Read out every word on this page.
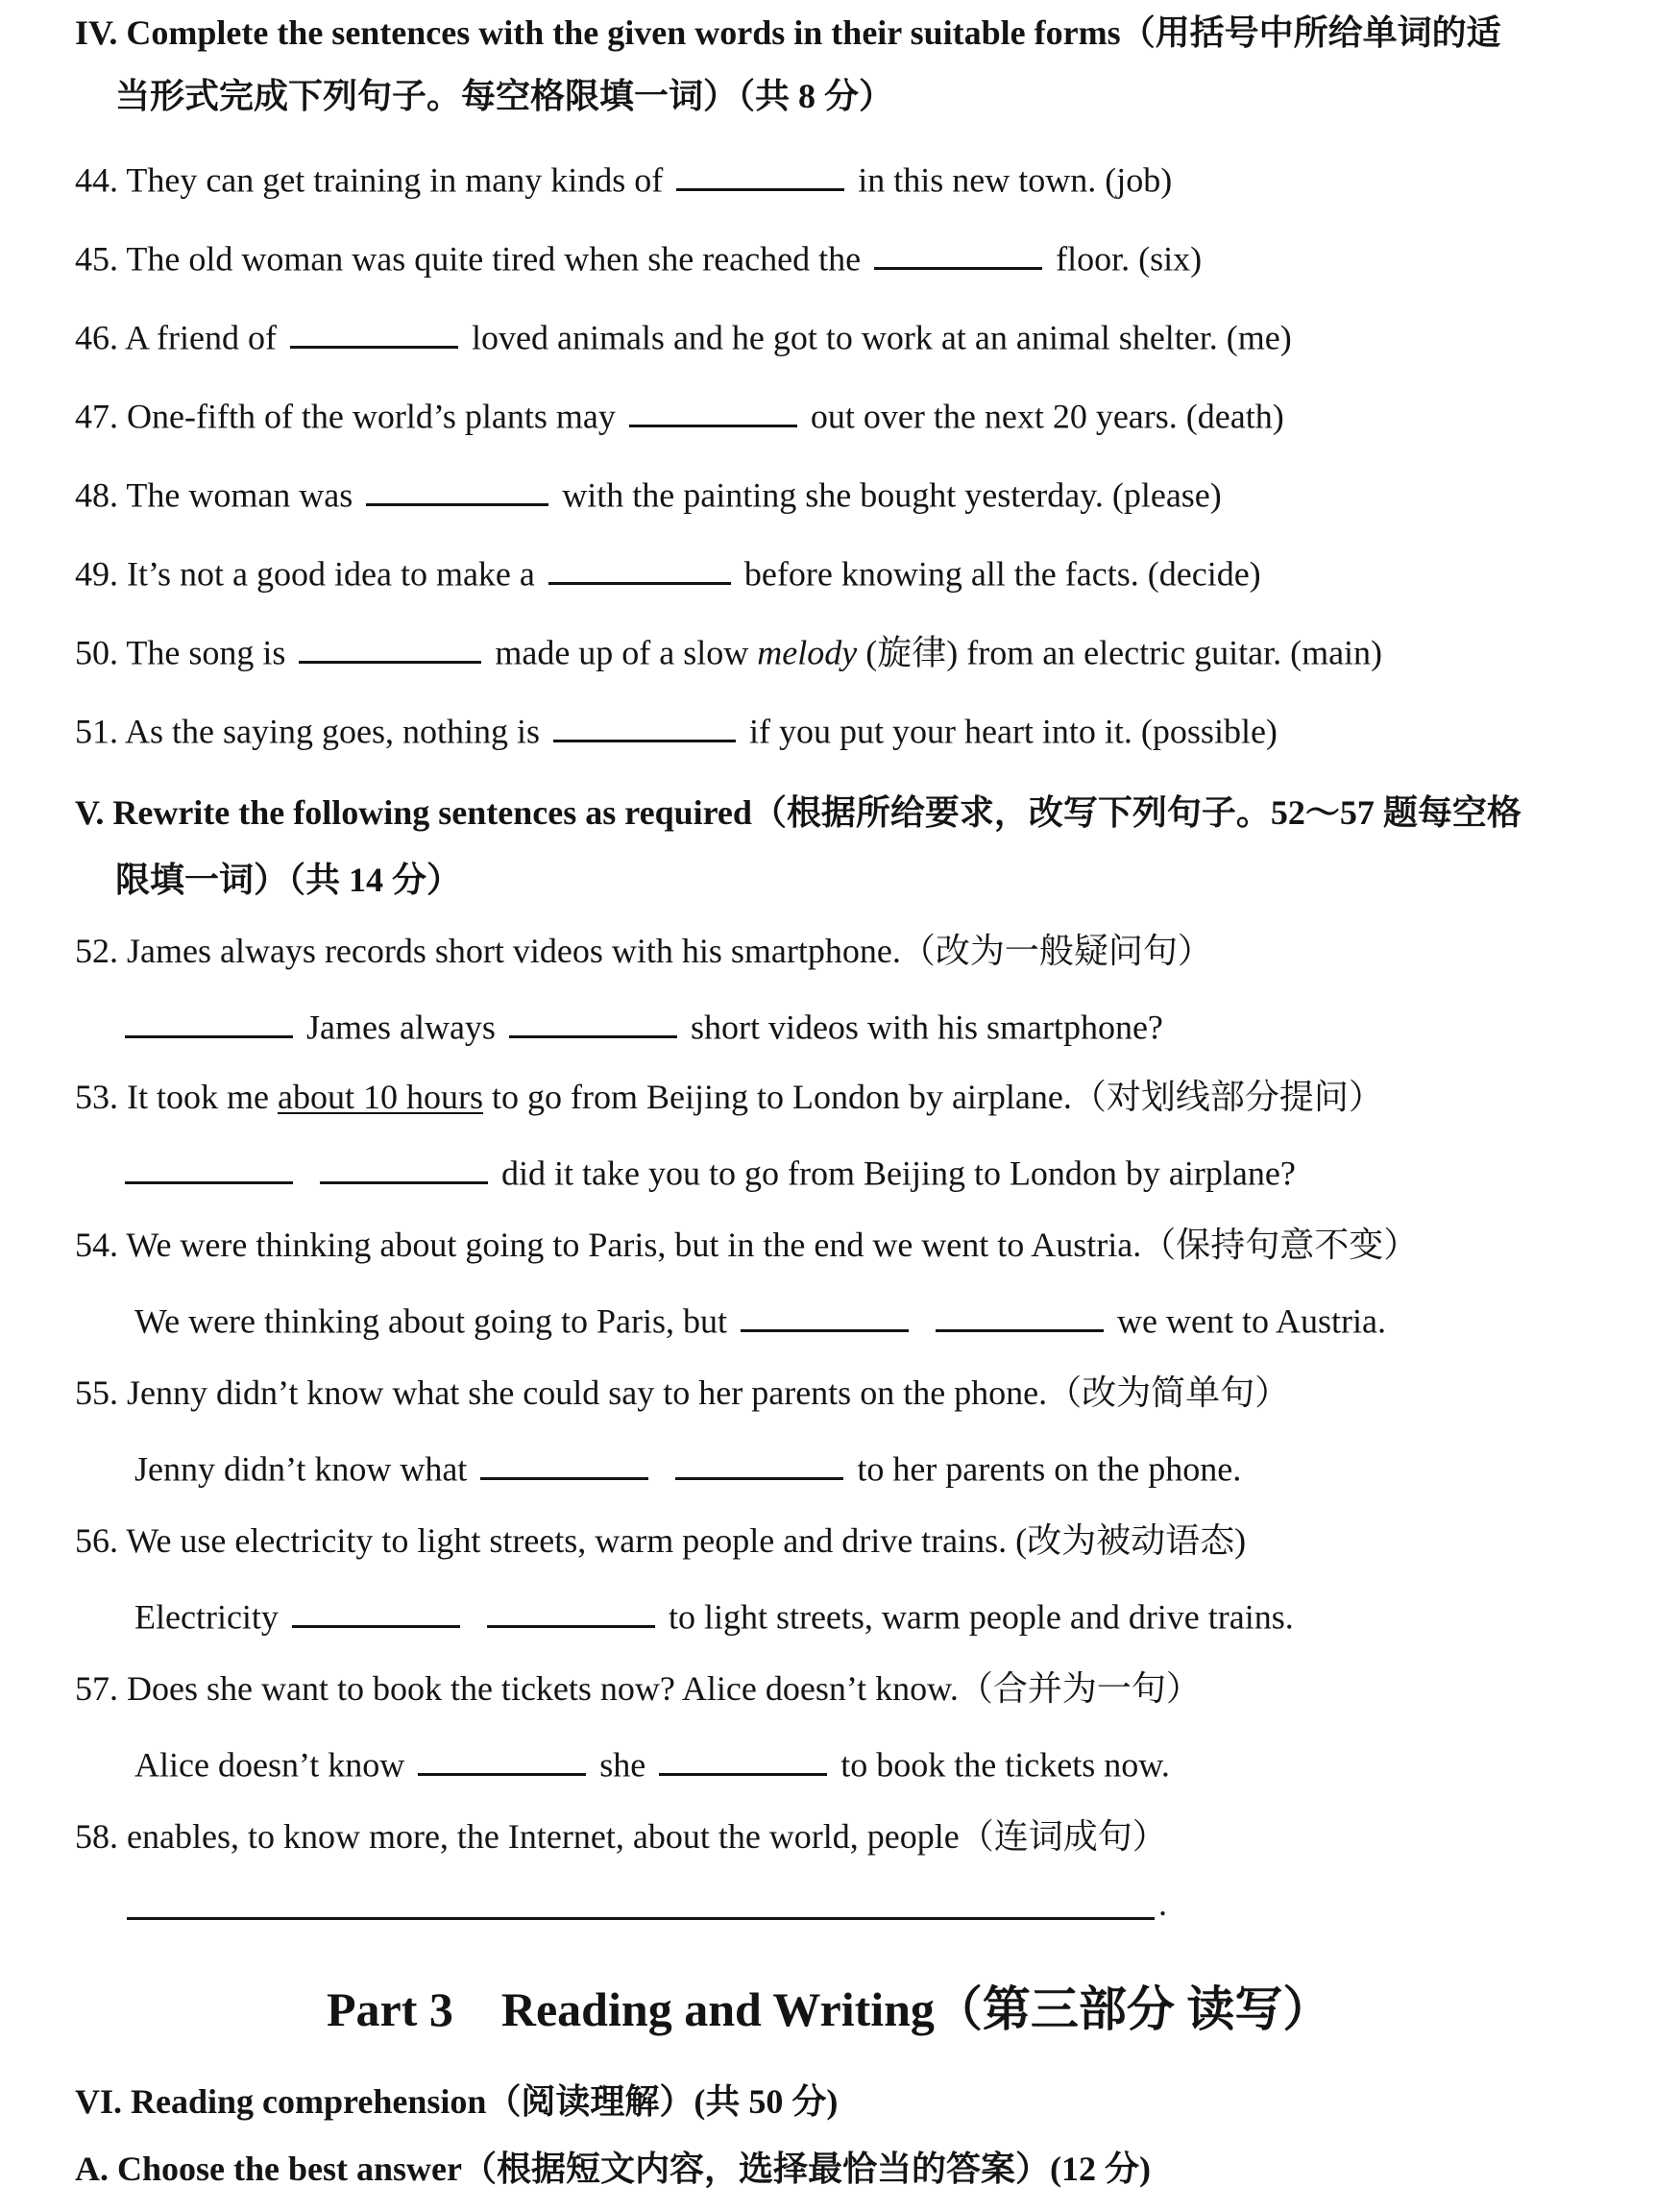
IV. Complete the sentences with the given words in their suitable forms（用括号中所给单词的适
当形式完成下列句子。每空格限填一词）（共 8 分）
44. They can get training in many kinds of	in this new town. (job)
45. The old woman was quite tired when she reached the	floor. (six)
46. A friend of	loved animals and he got to work at an animal shelter. (me)
47. One-fifth of the world’s plants may	out over the next 20 years. (death)
48. The woman was	with the painting she bought yesterday. (please)
49. It’s not a good idea to make a	before knowing all the facts. (decide)
50. The song is	made up of a slow melody (旋律) from an electric guitar. (main)
51. As the saying goes, nothing is	if you put your heart into it. (possible)
V. Rewrite the following sentences as required（根据所给要求，改写下列句子。52～57 题每空格
限填一词）（共 14 分）
52. James always records short videos with his smartphone.（改为一般疑问句）
James always	short videos with his smartphone?
53. It took me about 10 hours to go from Beijing to London by airplane.（对划线部分提问）
did it take you to go from Beijing to London by airplane?
54. We were thinking about going to Paris, but in the end we went to Austria.（保持句意不变）
We were thinking about going to Paris, but	we went to Austria.
55. Jenny didn’t know what she could say to her parents on the phone.（改为简单句）
Jenny didn’t know what	to her parents on the phone.
56. We use electricity to light streets, warm people and drive trains. (改为被动语态)
Electricity	to light streets, warm people and drive trains.
57. Does she want to book the tickets now? Alice doesn’t know.（合并为一句）
Alice doesn’t know	she	to book the tickets now.
58. enables, to know more, the Internet, about the world, people（连词成句）
.
Part 3　Reading and Writing（第三部分 读写）
VI. Reading comprehension（阅读理解）(共 50 分)
A. Choose the best answer（根据短文内容，选择最恰当的答案）(12 分)
